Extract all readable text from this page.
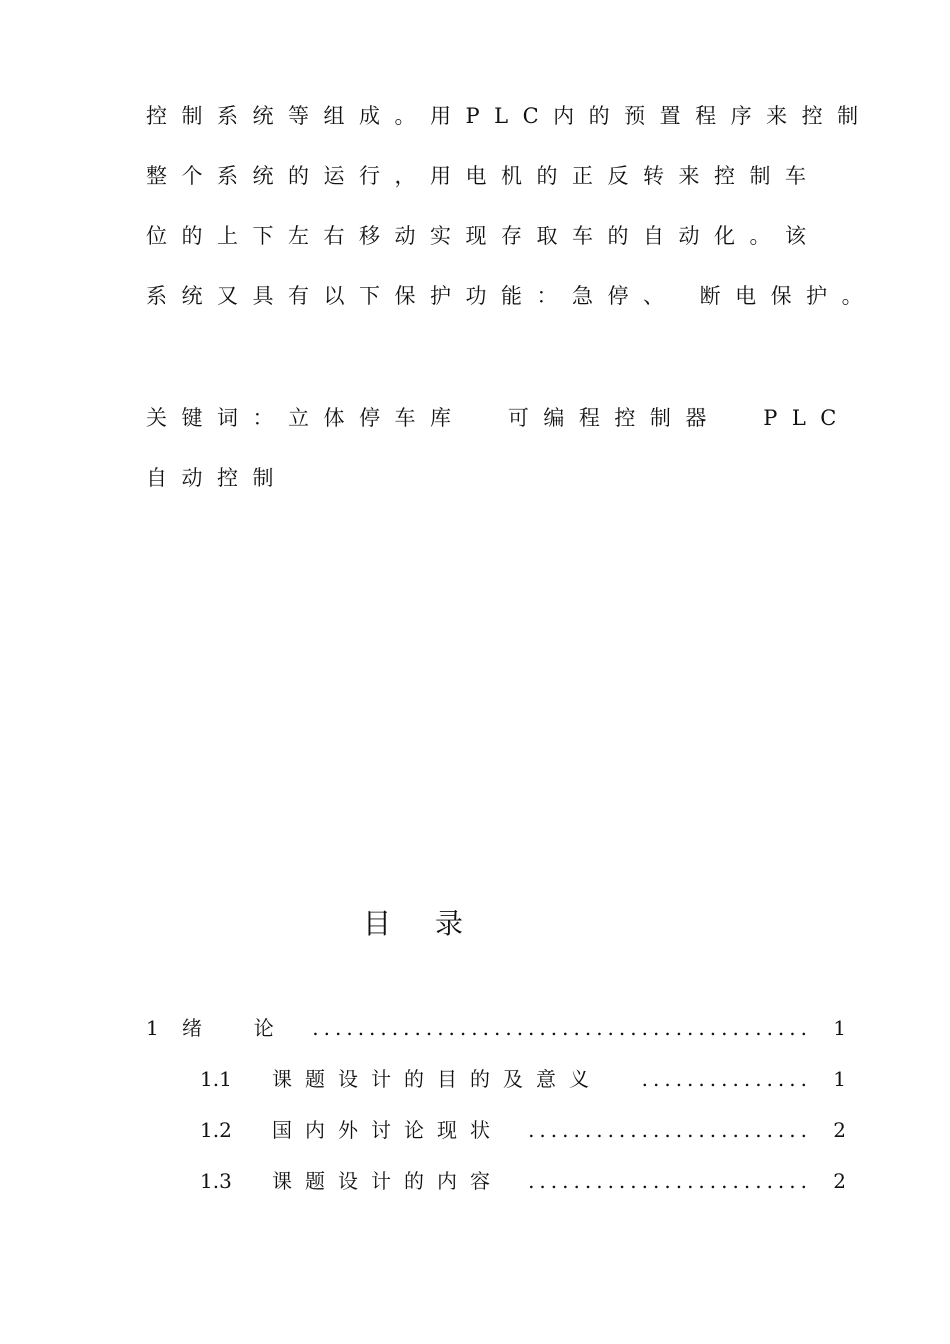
控制系统等组成。用PLC内的预置程序来控制
整个系统的运行，用电机的正反转来控制车
位的上下左右移动实现存取车的自动化。该
系统又具有以下保护功能：急停、 断电保护。
关键词：立体停车库  可编程控制器  PLC
自动控制
目录
1 绪  论	............................................ 1
1.1 课题设计的目的及意义	............... 1
1.2 国内外讨论现状	......................... 2
1.3 课题设计的内容	......................... 2
